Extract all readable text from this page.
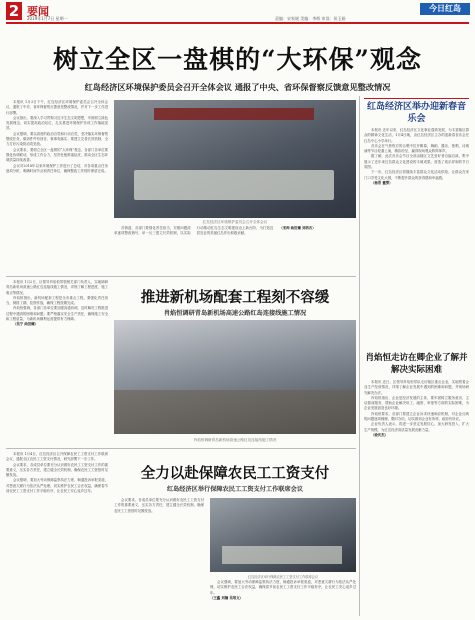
2 要闻
2019年1月7日 星期一	责编：宋家媛 美编：李辉 审读：侯玉娟
今日红岛
树立全区一盘棋的“大环保”观念
红岛经济区环境保护委员会召开全体会议 通报了中央、省环保督察反馈意见整改情况

本报讯 1月3日下午，红岛经济区环境保护委员会召开全体会议，通报了中央、省环保督察反馈意见整改情况，并对下一步工作进行部署。

会议指出，要深入学习贯彻习近平生态文明思想，牢固树立绿色发展理念，切实提高政治站位，扎实推进环境保护各项工作落地见效。

会议强调，要以高度的政治自觉和行动自觉，坚决落实环保督察整改任务，做到件件有回音、事事有落实；要建立完善长效机制，全力打好污染防治攻坚战。

会议要求，要树立全区一盘棋的“大环保”观念，各部门各单位要强化协调联动，形成工作合力，坚决杜绝推诿扯皮，推动全区生态环境质量持续改善。

会议对2018年以来环境保护工作进行了总结，对各项重点任务逐项分析，明确时间节点和责任单位，确保整改工作按时保质完成。

红岛经济区环境保护委员会召开全体会议

各街道、各部门要强化责任担当，对照问题清单逐项整改销号，举一反三建立长效机制，以实际行动推动红岛生态文明建设迈上新台阶，为打造宜居宜业的美丽红岛作出积极贡献。

（宋帅 曲世臻 刘培吉）
红岛经济区举办迎新春音乐会

本报讯 近年以来，红岛经济区文化事业蓬勃发展，为丰富辖区群众的精神文化生活，1月4日晚，由红岛经济区主办的迎新春音乐会在红岛中心小学举行。

音乐会在气势恢宏的合唱中拉开帷幕，舞蹈、器乐、独唱、诗朗诵等节目轮番上演，精彩纷呈，赢得现场观众阵阵掌声。

据了解，此次音乐会节目全部由辖区文艺爱好者自编自演，集中展示了近年来红岛群众文化建设的丰硕成果，营造了欢乐祥和的节日氛围。

下一步，红岛经济区将继续丰富群众文化活动供给，让群众在家门口享受文化大餐，不断提升群众的获得感和幸福感。

（杨青 董霁）

肖焰恒走访在卿企业了解并解决实际困难

本报讯 近日，区领导肖焰恒带队走访辖区重点企业，实地察看企业生产经营情况，详细了解企业发展中遇到的困难和问题，并现场研究解决办法。

肖焰恒指出，企业是经济发展的主体，要牢固树立服务意识，主动靠前服务，帮助企业解决用工、融资、审批等方面的实际困难，为企业发展创造良好环境。

肖焰恒要求，各部门要建立企业诉求快速响应机制，对企业反映的问题逐项梳理、限时办结，切实做到企业有所呼、政府有所应。

企业负责人表示，将进一步坚定发展信心，加大研发投入，扩大生产规模，为红岛经济高质量发展贡献力量。

（徐庆杰）

本报讯 1月2日，区领导肖焰恒带领相关部门负责人，实地调研青岛新机场高速公路红岛连接线施工情况，详细了解工程进度、施工难点等情况。

肖焰恒指出，新机场配套工程是全市重点工程，要强化责任担当，倒排工期、挂图作战，确保工程按期完成。

肖焰恒强调，各部门各单位要加强沟通协调，及时解决工程推进过程中遇到的困难和问题；要严格落实安全生产责任，确保施工安全和工程质量，为新机场顺利运营提供有力保障。

（吴宁 曲世臻）

推进新机场配套工程刻不容缓
肖焰恒调研青岛新机场高速公路红岛连接线施工情况
肖焰恒调研青岛新机场高速公路红岛连接线施工情况

本报讯 1月4日，红岛经济区召开保障农民工工资支付工作联席会议，通报全区农民工工资支付情况，研究部署下一步工作。

会议要求，各成员单位要充分认识做好农民工工资支付工作的重要意义，压实各方责任，建立健全长效机制，确保农民工工资按时足额发放。

会议强调，要加大劳动保障监察执法力度，畅通投诉举报渠道，对恶意欠薪行为依法从严处理，切实维护农民工合法权益，确保春节前农民工工资支付工作平稳有序，让农民工安心返乡过年。

全力以赴保障农民工工资支付
红岛经济区举行保障农民工工资支付工作联席会议

会议要求，各成员单位要充分认识做好农民工工资支付工作的重要意义，压实各方责任，建立健全长效机制，确保农民工工资按时足额发放。

红岛经济区举行保障农民工工资支付工作联席会议

会议强调，要加大劳动保障监察执法力度，畅通投诉举报渠道，对恶意欠薪行为依法从严处理，切实维护农民工合法权益，确保春节前农民工工资支付工作平稳有序，让农民工安心返乡过年。

（王鑫 刘楠 吴培文）
